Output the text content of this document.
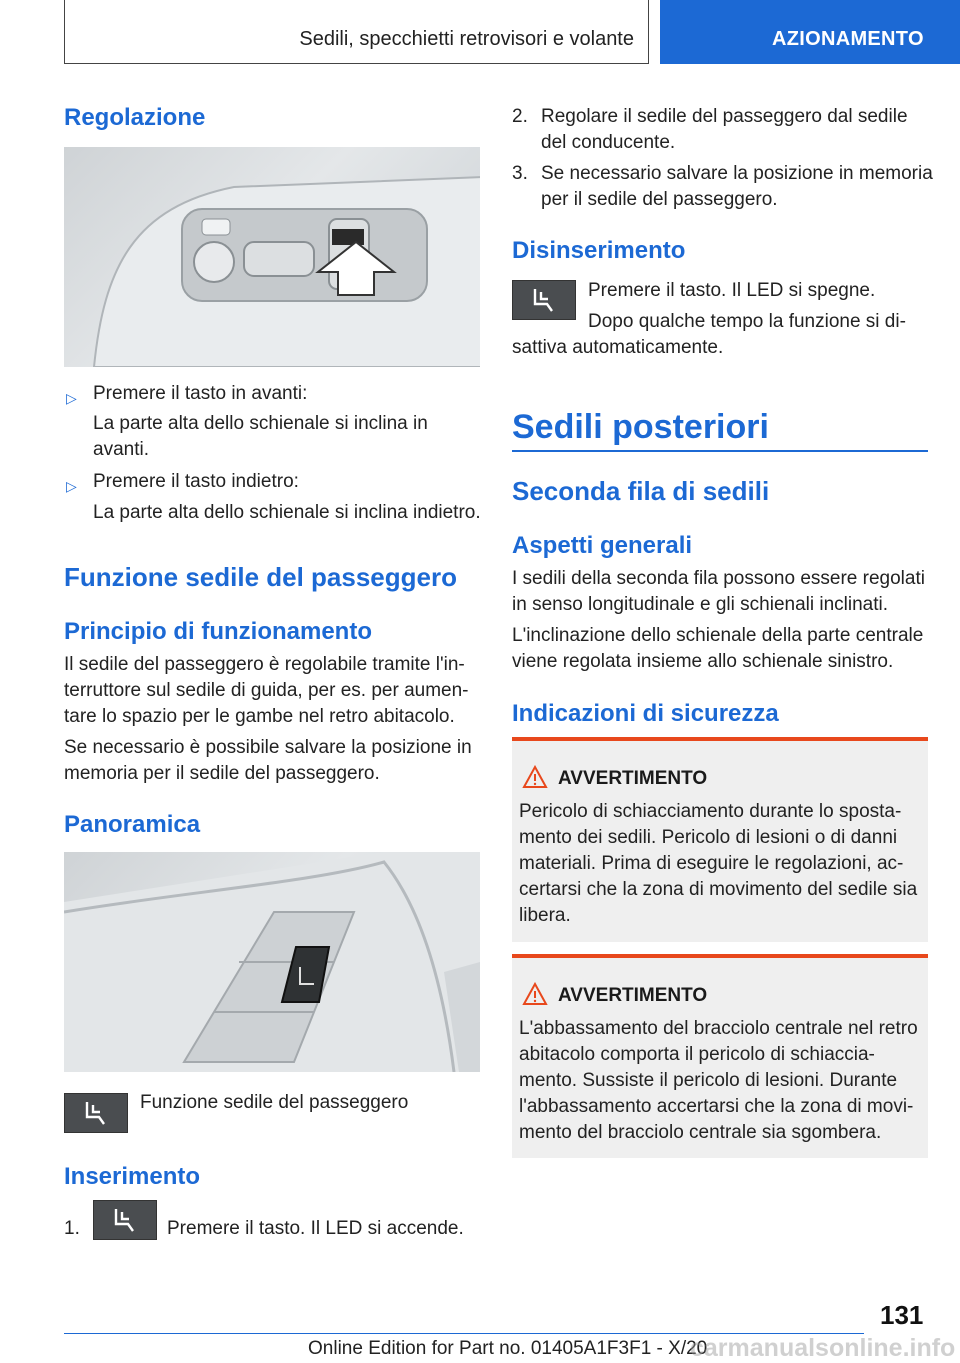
Sedili, specchietti retrovisori e volante	AZIONAMENTO
Regolazione
▷ Premere il tasto in avanti:
La parte alta dello schienale si inclina in
avanti.
▷ Premere il tasto indietro:
La parte alta dello schienale si inclina indietro.
Funzione sedile del passeggero
Principio di funzionamento
Il sedile del passeggero è regolabile tramite l'in‐
terruttore sul sedile di guida, per es. per aumen‐
tare lo spazio per le gambe nel retro abitacolo.
Se necessario è possibile salvare la posizione in
memoria per il sedile del passeggero.
Panoramica
Funzione sedile del passeggero
Inserimento
1.	Premere il tasto. Il LED si accende.
2. Regolare il sedile del passeggero dal sedile
del conducente.
3. Se necessario salvare la posizione in memoria
per il sedile del passeggero.
Disinserimento
Premere il tasto. Il LED si spegne.
Dopo qualche tempo la funzione si di‐
sattiva automaticamente.
Sedili posteriori
Seconda fila di sedili
Aspetti generali
I sedili della seconda fila possono essere regolati
in senso longitudinale e gli schienali inclinati.
L'inclinazione dello schienale della parte centrale
viene regolata insieme allo schienale sinistro.
Indicazioni di sicurezza
AVVERTIMENTO
Pericolo di schiacciamento durante lo sposta‐
mento dei sedili. Pericolo di lesioni o di danni
materiali. Prima di eseguire le regolazioni, ac‐
certarsi che la zona di movimento del sedile sia
libera.
AVVERTIMENTO
L'abbassamento del bracciolo centrale nel retro
abitacolo comporta il pericolo di schiaccia‐
mento. Sussiste il pericolo di lesioni. Durante
l'abbassamento accertarsi che la zona di movi‐
mento del bracciolo centrale sia sgombera.
131
Online Edition for Part no. 01405A1F3F1 - X/20
carmanualsonline.info
